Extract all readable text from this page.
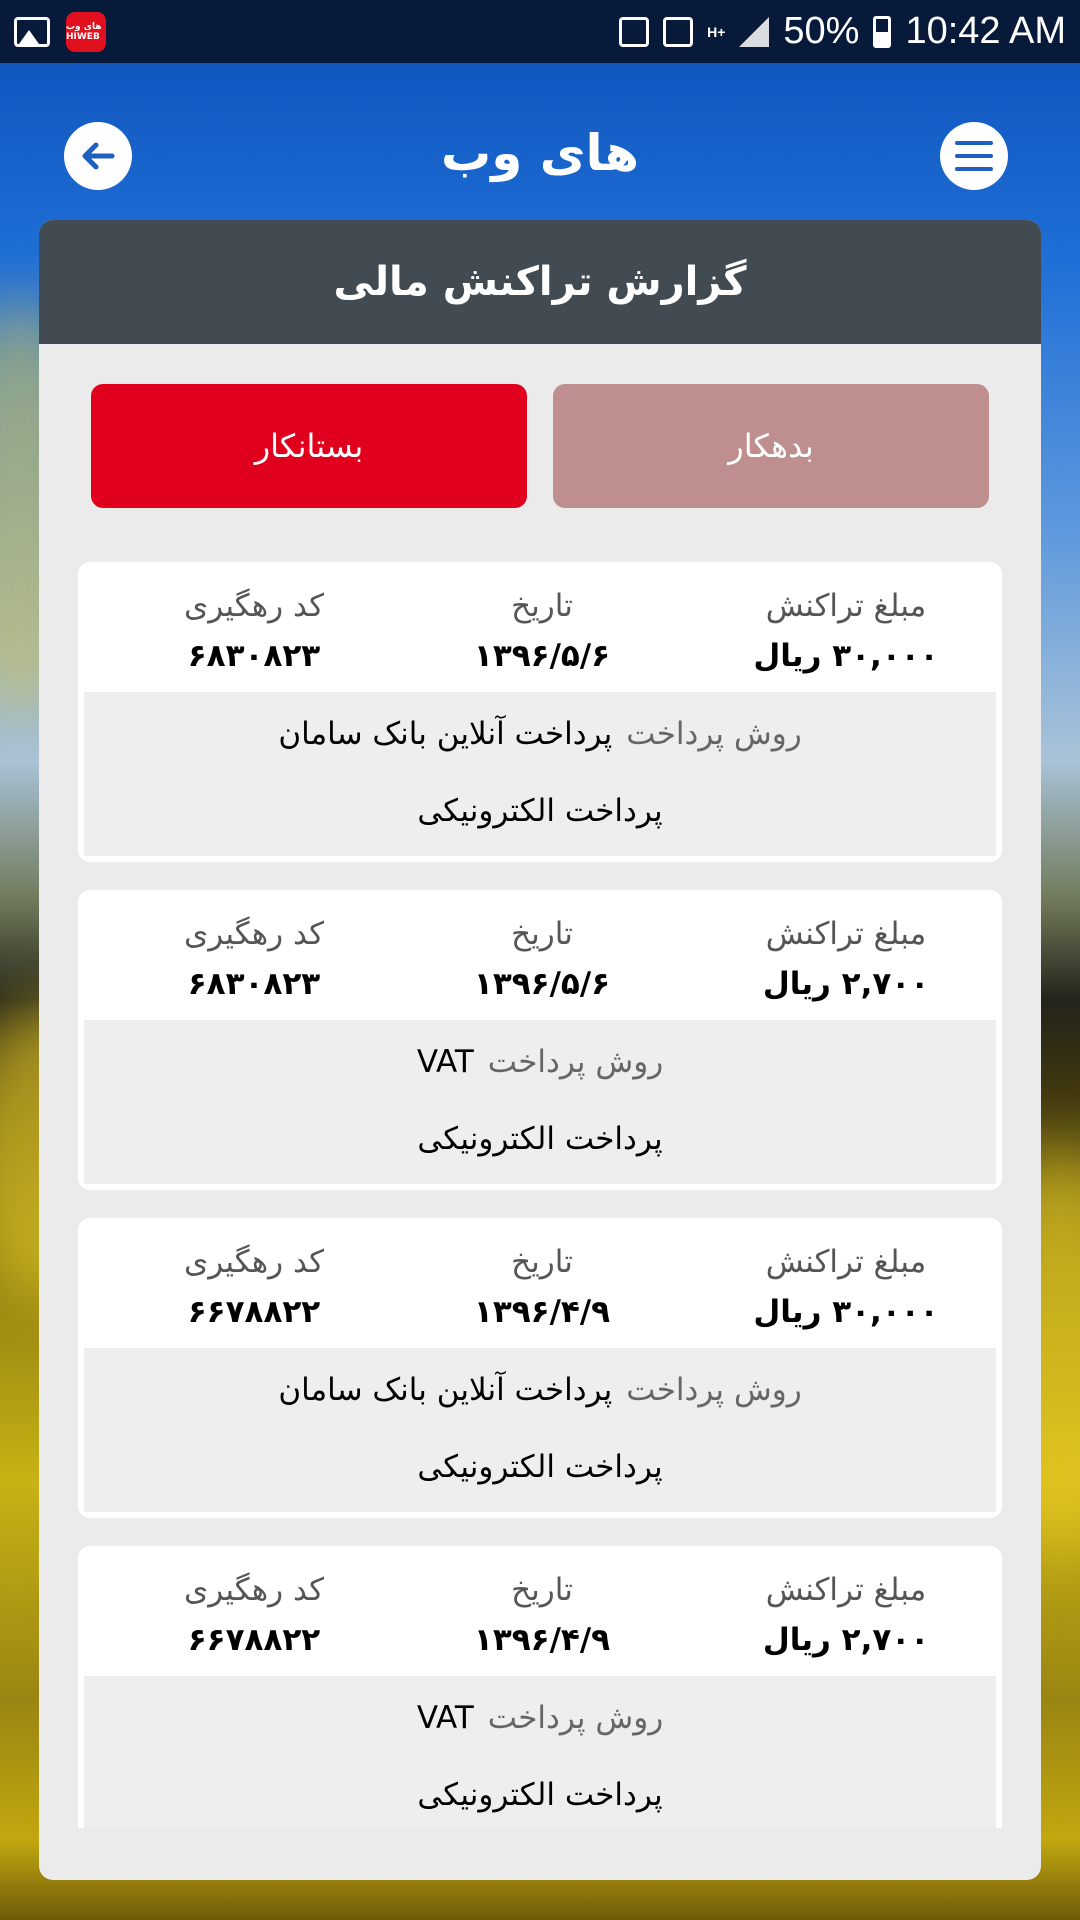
های وب HIWEB	H+ 50% 10:42 AM
های وب
گزارش تراکنش مالی
بستانکار	بدهکار
مبلغ تراکنش
۳۰,۰۰۰ ریال
تاریخ
۱۳۹۶/۵/۶
کد رهگیری
۶۸۳۰۸۲۳
روش پرداخت
پرداخت آنلاین بانک سامان
پرداخت الکترونیکی
مبلغ تراکنش
۲,۷۰۰ ریال
تاریخ
۱۳۹۶/۵/۶
کد رهگیری
۶۸۳۰۸۲۳
روش پرداخت
VAT
پرداخت الکترونیکی
مبلغ تراکنش
۳۰,۰۰۰ ریال
تاریخ
۱۳۹۶/۴/۹
کد رهگیری
۶۶۷۸۸۲۲
روش پرداخت
پرداخت آنلاین بانک سامان
پرداخت الکترونیکی
مبلغ تراکنش
۲,۷۰۰ ریال
تاریخ
۱۳۹۶/۴/۹
کد رهگیری
۶۶۷۸۸۲۲
روش پرداخت
VAT
پرداخت الکترونیکی
